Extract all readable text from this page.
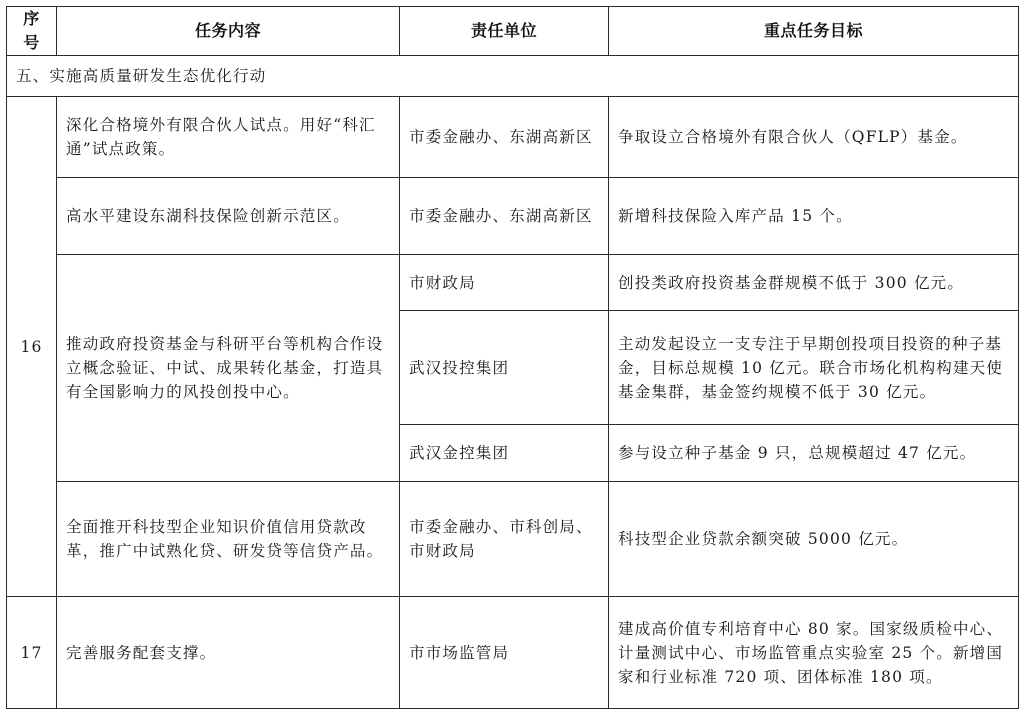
序号	任务内容	责任单位	重点任务目标
五、实施高质量研发生态优化行动			
16	深化合格境外有限合伙人试点。用好“科汇通”试点政策。	市委金融办、东湖高新区	争取设立合格境外有限合伙人（QFLP）基金。
	高水平建设东湖科技保险创新示范区。	市委金融办、东湖高新区	新增科技保险入库产品 15 个。
	推动政府投资基金与科研平台等机构合作设立概念验证、中试、成果转化基金，打造具有全国影响力的风投创投中心。	市财政局	创投类政府投资基金群规模不低于 300 亿元。
		武汉投控集团	主动发起设立一支专注于早期创投项目投资的种子基金，目标总规模 10 亿元。联合市场化机构构建天使基金集群，基金签约规模不低于 30 亿元。
		武汉金控集团	参与设立种子基金 9 只，总规模超过 47 亿元。
	全面推开科技型企业知识价值信用贷款改革，推广中试熟化贷、研发贷等信贷产品。	市委金融办、市科创局、市财政局	科技型企业贷款余额突破 5000 亿元。
17	完善服务配套支撑。	市市场监管局	建成高价值专利培育中心 80 家。国家级质检中心、计量测试中心、市场监管重点实验室 25 个。新增国家和行业标准 720 项、团体标准 180 项。
